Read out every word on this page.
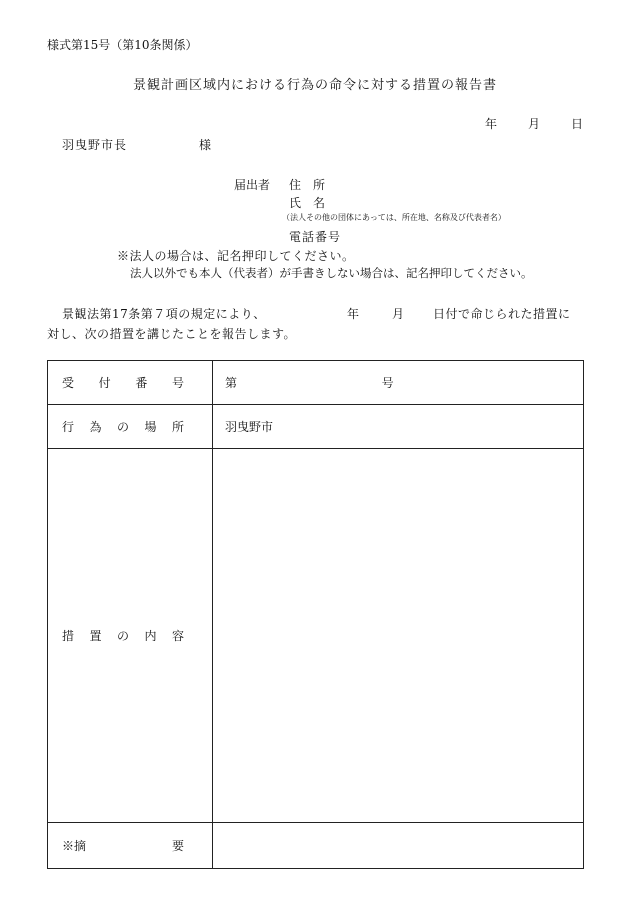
様式第15号（第10条関係）
景観計画区域内における行為の命令に対する措置の報告書
年	月	日
羽曳野市長	様
届出者 住　所
氏　名
（法人その他の団体にあっては、所在地、名称及び代表者名）
電話番号
※法人の場合は、記名押印してください。
法人以外でも本人（代表者）が手書きしない場合は、記名押印してください。
景観法第17条第７項の規定により、	年	月 日付で命じられた措置に
対し、次の措置を講じたことを報告します。
受 付 番 号	第 号

行 為 の 場 所	羽曳野市

措 置 の 内 容	

※摘 要	
